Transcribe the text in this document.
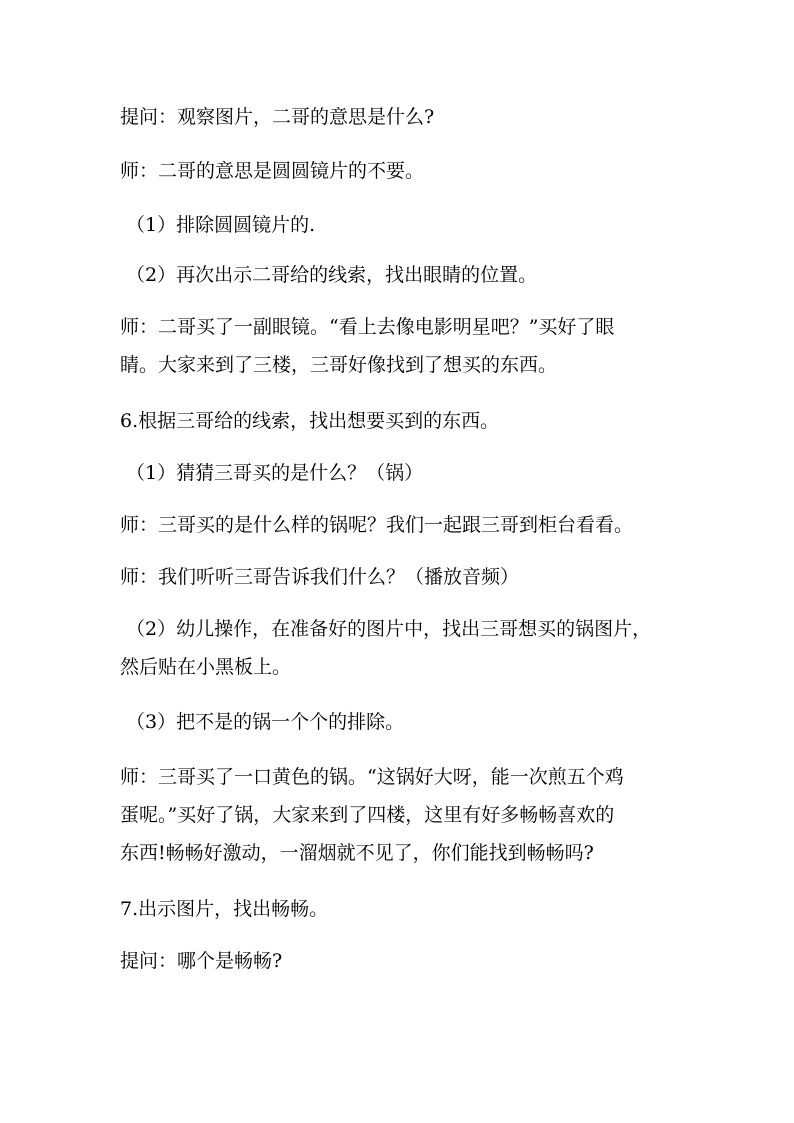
提问：观察图片，二哥的意思是什么?
师：二哥的意思是圆圆镜片的不要。
（1）排除圆圆镜片的.
（2）再次出示二哥给的线索，找出眼睛的位置。
师：二哥买了一副眼镜。“看上去像电影明星吧？”买好了眼
睛。大家来到了三楼，三哥好像找到了想买的东西。
6.根据三哥给的线索，找出想要买到的东西。
（1）猜猜三哥买的是什么？（锅）
师：三哥买的是什么样的锅呢？我们一起跟三哥到柜台看看。
师：我们听听三哥告诉我们什么？（播放音频）
（2）幼儿操作，在准备好的图片中，找出三哥想买的锅图片，
然后贴在小黑板上。
（3）把不是的锅一个个的排除。
师：三哥买了一口黄色的锅。“这锅好大呀，能一次煎五个鸡
蛋呢。”买好了锅，大家来到了四楼，这里有好多畅畅喜欢的
东西!畅畅好激动，一溜烟就不见了，你们能找到畅畅吗?
7.出示图片，找出畅畅。
提问：哪个是畅畅?
